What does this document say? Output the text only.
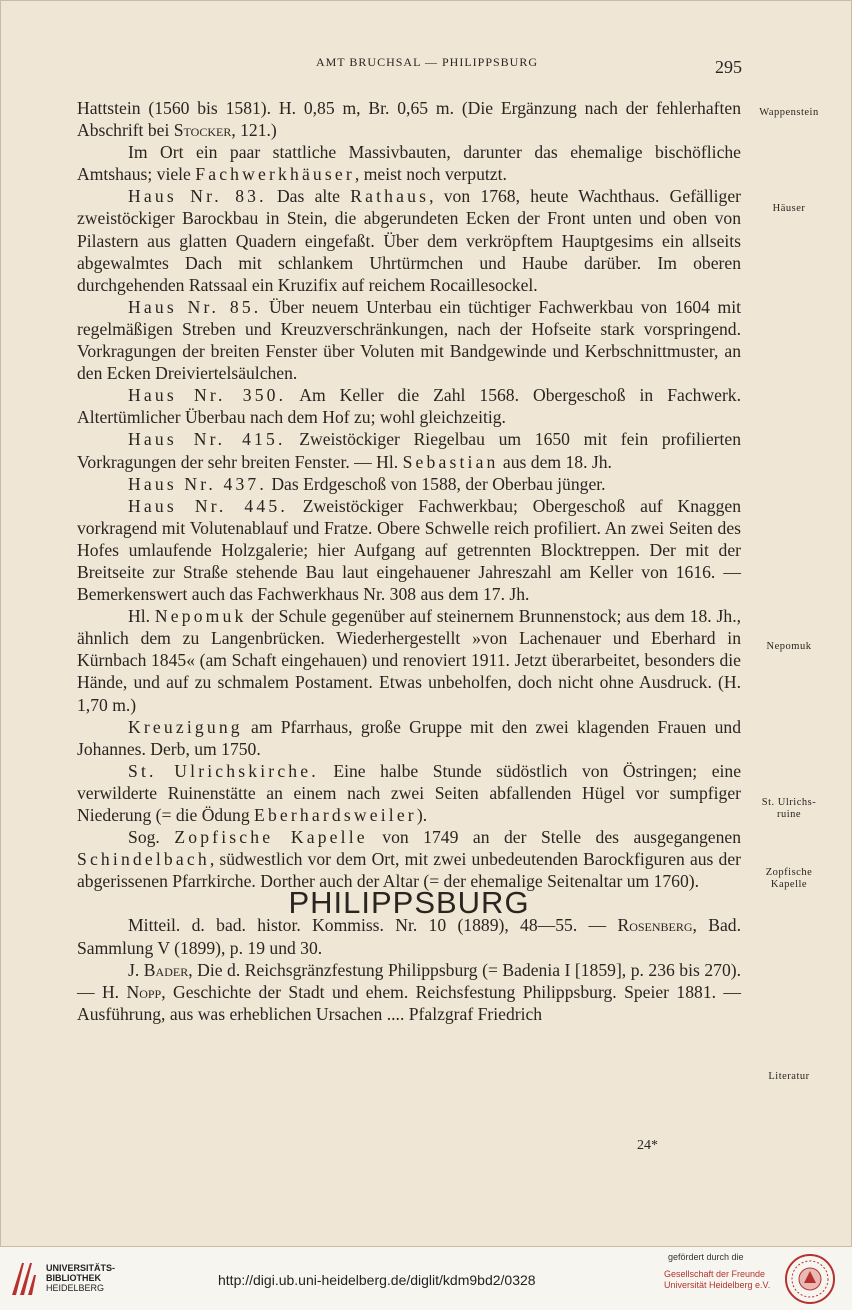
AMT BRUCHSAL — PHILIPPSBURG	295
Wappenstein
Häuser
Nepomuk
St. Ulrichs-
ruine
Zopfische
Kapelle
Literatur

Hattstein (1560 bis 1581). H. 0,85 m, Br. 0,65 m. (Die Ergänzung nach der fehlerhaften Abschrift bei Stocker, 121.)

Im Ort ein paar stattliche Massivbauten, darunter das ehemalige bischöfliche Amtshaus; viele Fachwerkhäuser, meist noch verputzt.

Haus Nr. 83. Das alte Rathaus, von 1768, heute Wachthaus. Gefälliger zweistöckiger Barockbau in Stein, die abgerundeten Ecken der Front unten und oben von Pilastern aus glatten Quadern eingefaßt. Über dem verkröpftem Hauptgesims ein allseits abgewalmtes Dach mit schlankem Uhrtürmchen und Haube darüber. Im oberen durchgehenden Ratssaal ein Kruzifix auf reichem Rocaillesockel.

Haus Nr. 85. Über neuem Unterbau ein tüchtiger Fachwerkbau von 1604 mit regelmäßigen Streben und Kreuzverschränkungen, nach der Hofseite stark vorspringend. Vorkragungen der breiten Fenster über Voluten mit Bandgewinde und Kerbschnittmuster, an den Ecken Dreiviertelsäulchen.

Haus Nr. 350. Am Keller die Zahl 1568. Obergeschoß in Fachwerk. Altertümlicher Überbau nach dem Hof zu; wohl gleichzeitig.

Haus Nr. 415. Zweistöckiger Riegelbau um 1650 mit fein profilierten Vorkragungen der sehr breiten Fenster. — Hl. Sebastian aus dem 18. Jh.

Haus Nr. 437. Das Erdgeschoß von 1588, der Oberbau jünger.

Haus Nr. 445. Zweistöckiger Fachwerkbau; Obergeschoß auf Knaggen vorkragend mit Volutenablauf und Fratze. Obere Schwelle reich profiliert. An zwei Seiten des Hofes umlaufende Holzgalerie; hier Aufgang auf getrennten Blocktreppen. Der mit der Breitseite zur Straße stehende Bau laut eingehauener Jahreszahl am Keller von 1616. — Bemerkenswert auch das Fachwerkhaus Nr. 308 aus dem 17. Jh.

Hl. Nepomuk der Schule gegenüber auf steinernem Brunnenstock; aus dem 18. Jh., ähnlich dem zu Langenbrücken. Wiederhergestellt »von Lachenauer und Eberhard in Kürnbach 1845« (am Schaft eingehauen) und renoviert 1911. Jetzt überarbeitet, besonders die Hände, und auf zu schmalem Postament. Etwas unbeholfen, doch nicht ohne Ausdruck. (H. 1,70 m.)

Kreuzigung am Pfarrhaus, große Gruppe mit den zwei klagenden Frauen und Johannes. Derb, um 1750.

St. Ulrichskirche. Eine halbe Stunde südöstlich von Östringen; eine verwilderte Ruinenstätte an einem nach zwei Seiten abfallenden Hügel vor sumpfiger Niederung (= die Ödung Eberhardsweiler).

Sog. Zopfische Kapelle von 1749 an der Stelle des ausgegangenen Schindelbach, südwestlich vor dem Ort, mit zwei unbedeutenden Barockfiguren aus der abgerissenen Pfarrkirche. Dorther auch der Altar (= der ehemalige Seitenaltar um 1760).

PHILIPPSBURG

Mitteil. d. bad. histor. Kommiss. Nr. 10 (1889), 48—55. — Rosenberg, Bad. Sammlung V (1899), p. 19 und 30.

J. Bader, Die d. Reichsgränzfestung Philippsburg (= Badenia I [1859], p. 236 bis 270). — H. Nopp, Geschichte der Stadt und ehem. Reichsfestung Philippsburg. Speier 1881. — Ausführung, aus was erheblichen Ursachen .... Pfalzgraf Friedrich

24*
UNIVERSITÄTS-
BIBLIOTHEK
HEIDELBERG	http://digi.ub.uni-heidelberg.de/diglit/kdm9bd2/0328
gefördert durch die
Gesellschaft der Freunde
Universität Heidelberg e.V.
